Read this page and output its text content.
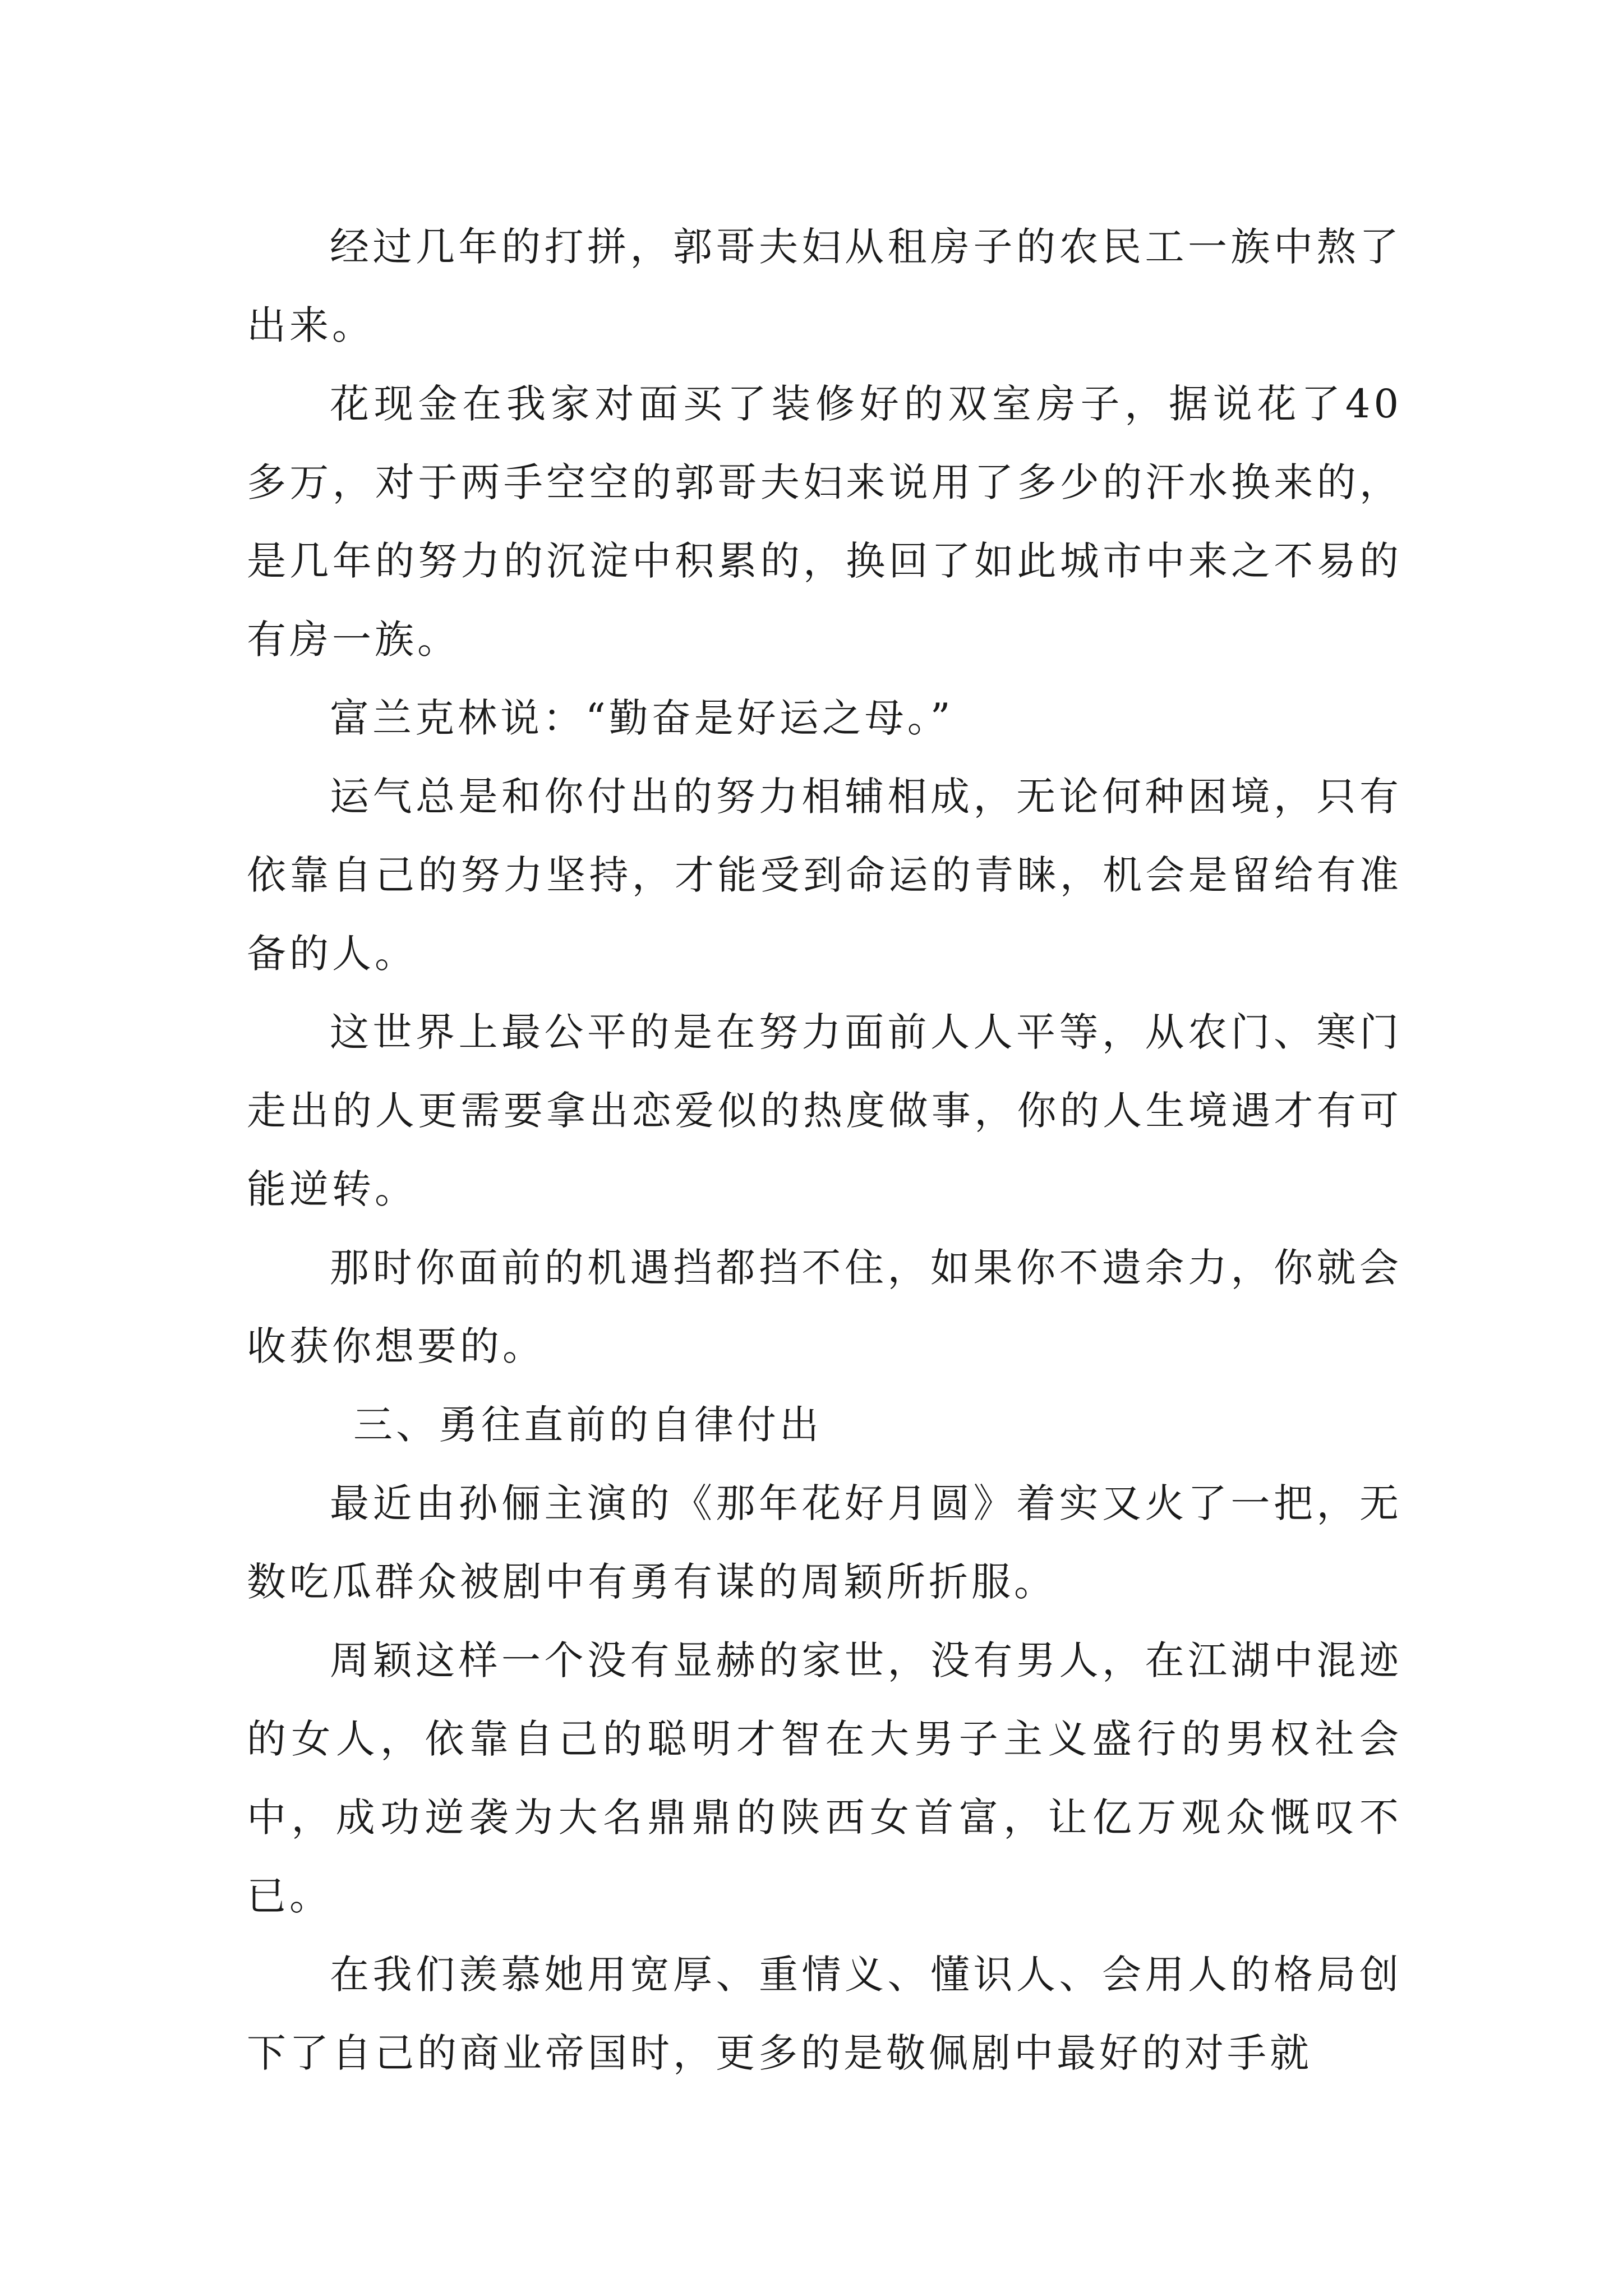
经过几年的打拼，郭哥夫妇从租房子的农民工一族中熬了出来。

花现金在我家对面买了装修好的双室房子，据说花了40多万，对于两手空空的郭哥夫妇来说用了多少的汗水换来的，是几年的努力的沉淀中积累的，换回了如此城市中来之不易的有房一族。

富兰克林说：“勤奋是好运之母。”

运气总是和你付出的努力相辅相成，无论何种困境，只有依靠自己的努力坚持，才能受到命运的青睐，机会是留给有准备的人。

这世界上最公平的是在努力面前人人平等，从农门、寒门走出的人更需要拿出恋爱似的热度做事，你的人生境遇才有可能逆转。

那时你面前的机遇挡都挡不住，如果你不遗余力，你就会收获你想要的。

三、勇往直前的自律付出

最近由孙俪主演的《那年花好月圆》着实又火了一把，无数吃瓜群众被剧中有勇有谋的周颖所折服。

周颖这样一个没有显赫的家世，没有男人，在江湖中混迹的女人，依靠自己的聪明才智在大男子主义盛行的男权社会中，成功逆袭为大名鼎鼎的陕西女首富，让亿万观众慨叹不已。

在我们羡慕她用宽厚、重情义、懂识人、会用人的格局创下了自己的商业帝国时，更多的是敬佩剧中最好的对手就
